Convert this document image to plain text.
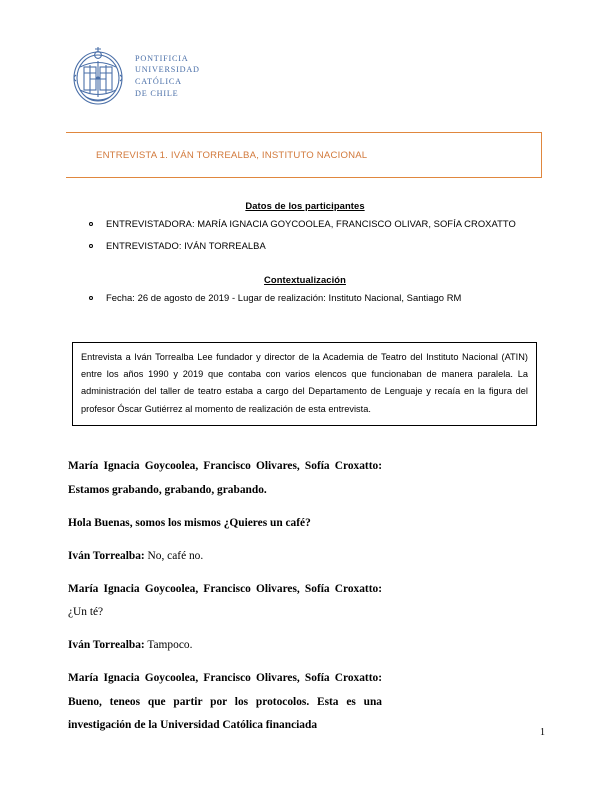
PONTIFICIA
UNIVERSIDAD
CATÓLICA
DE CHILE
ENTREVISTA 1. IVÁN TORREALBA, INSTITUTO NACIONAL
Datos de los participantes
ENTREVISTADORA: MARÍA IGNACIA GOYCOOLEA, FRANCISCO OLIVAR, SOFÍA CROXATTO
ENTREVISTADO: IVÁN TORREALBA
Contextualización
Fecha: 26 de agosto de 2019 - Lugar de realización: Instituto Nacional, Santiago RM
Entrevista a Iván Torrealba Lee fundador y director de la Academia de Teatro del Instituto Nacional (ATIN) entre los años 1990 y 2019 que contaba con varios elencos que funcionaban de manera paralela. La administración del taller de teatro estaba a cargo del Departamento de Lenguaje y recaía en la figura del profesor Óscar Gutiérrez al momento de realización de esta entrevista.

María Ignacia Goycoolea, Francisco Olivares, Sofía Croxatto: Estamos grabando, grabando, grabando.

Hola Buenas, somos los mismos ¿Quieres un café?

Iván Torrealba: No, café no.

María Ignacia Goycoolea, Francisco Olivares, Sofía Croxatto: ¿Un té?

Iván Torrealba: Tampoco.

María Ignacia Goycoolea, Francisco Olivares, Sofía Croxatto: Bueno, teneos que partir por los protocolos. Esta es una investigación de la Universidad Católica financiada

1
